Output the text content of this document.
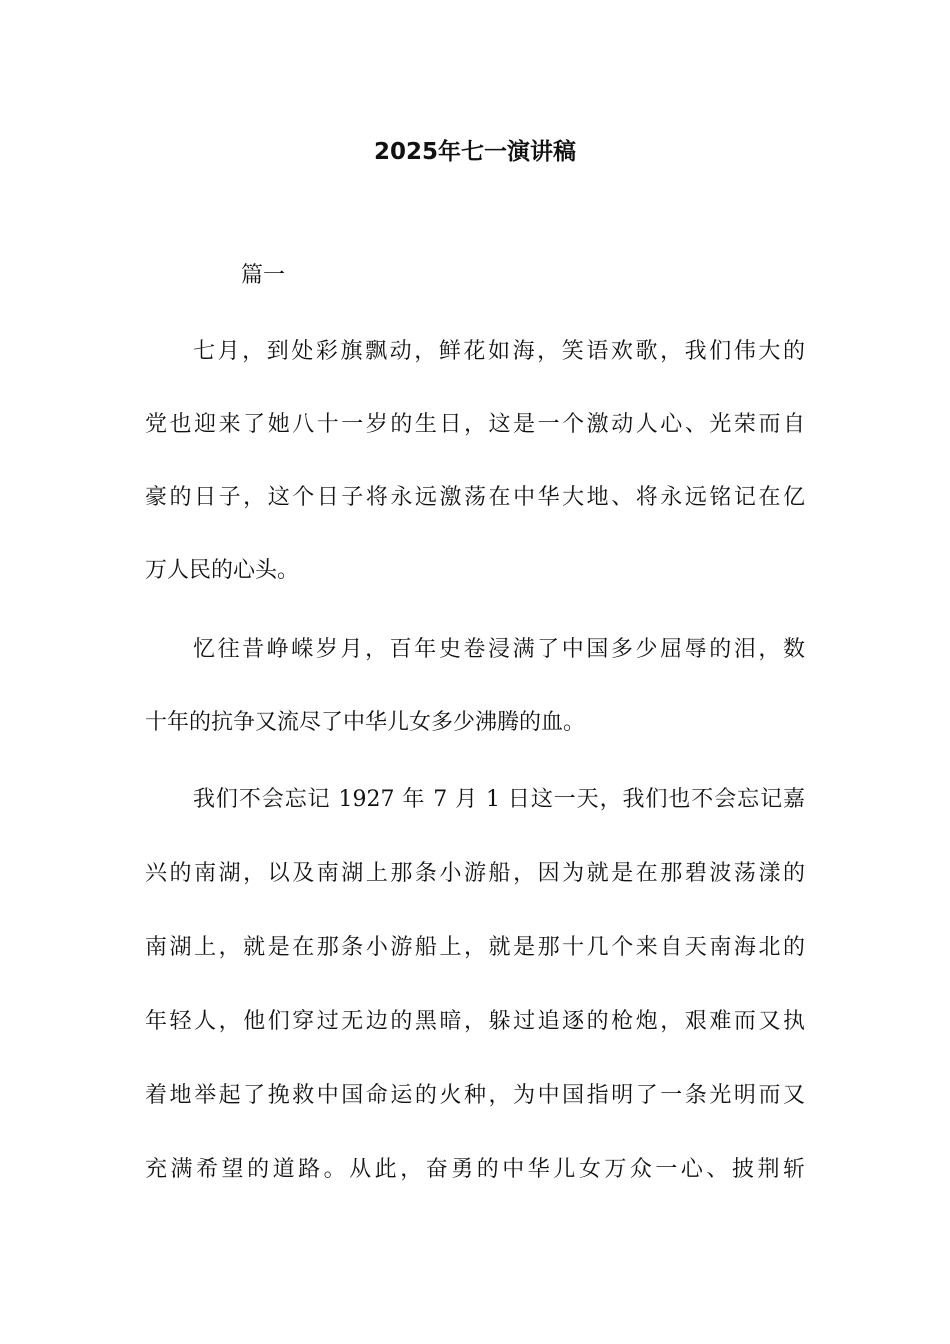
2025年七一演讲稿
篇一
七月，到处彩旗飘动，鲜花如海，笑语欢歌，我们伟大的
党也迎来了她八十一岁的生日，这是一个激动人心、光荣而自
豪的日子，这个日子将永远激荡在中华大地、将永远铭记在亿
万人民的心头。
忆往昔峥嵘岁月，百年史卷浸满了中国多少屈辱的泪，数
十年的抗争又流尽了中华儿女多少沸腾的血。
我们不会忘记 1927 年 7 月 1 日这一天，我们也不会忘记嘉
兴的南湖，以及南湖上那条小游船，因为就是在那碧波荡漾的
南湖上，就是在那条小游船上，就是那十几个来自天南海北的
年轻人，他们穿过无边的黑暗，躲过追逐的枪炮，艰难而又执
着地举起了挽救中国命运的火种，为中国指明了一条光明而又
充满希望的道路。从此，奋勇的中华儿女万众一心、披荆斩
